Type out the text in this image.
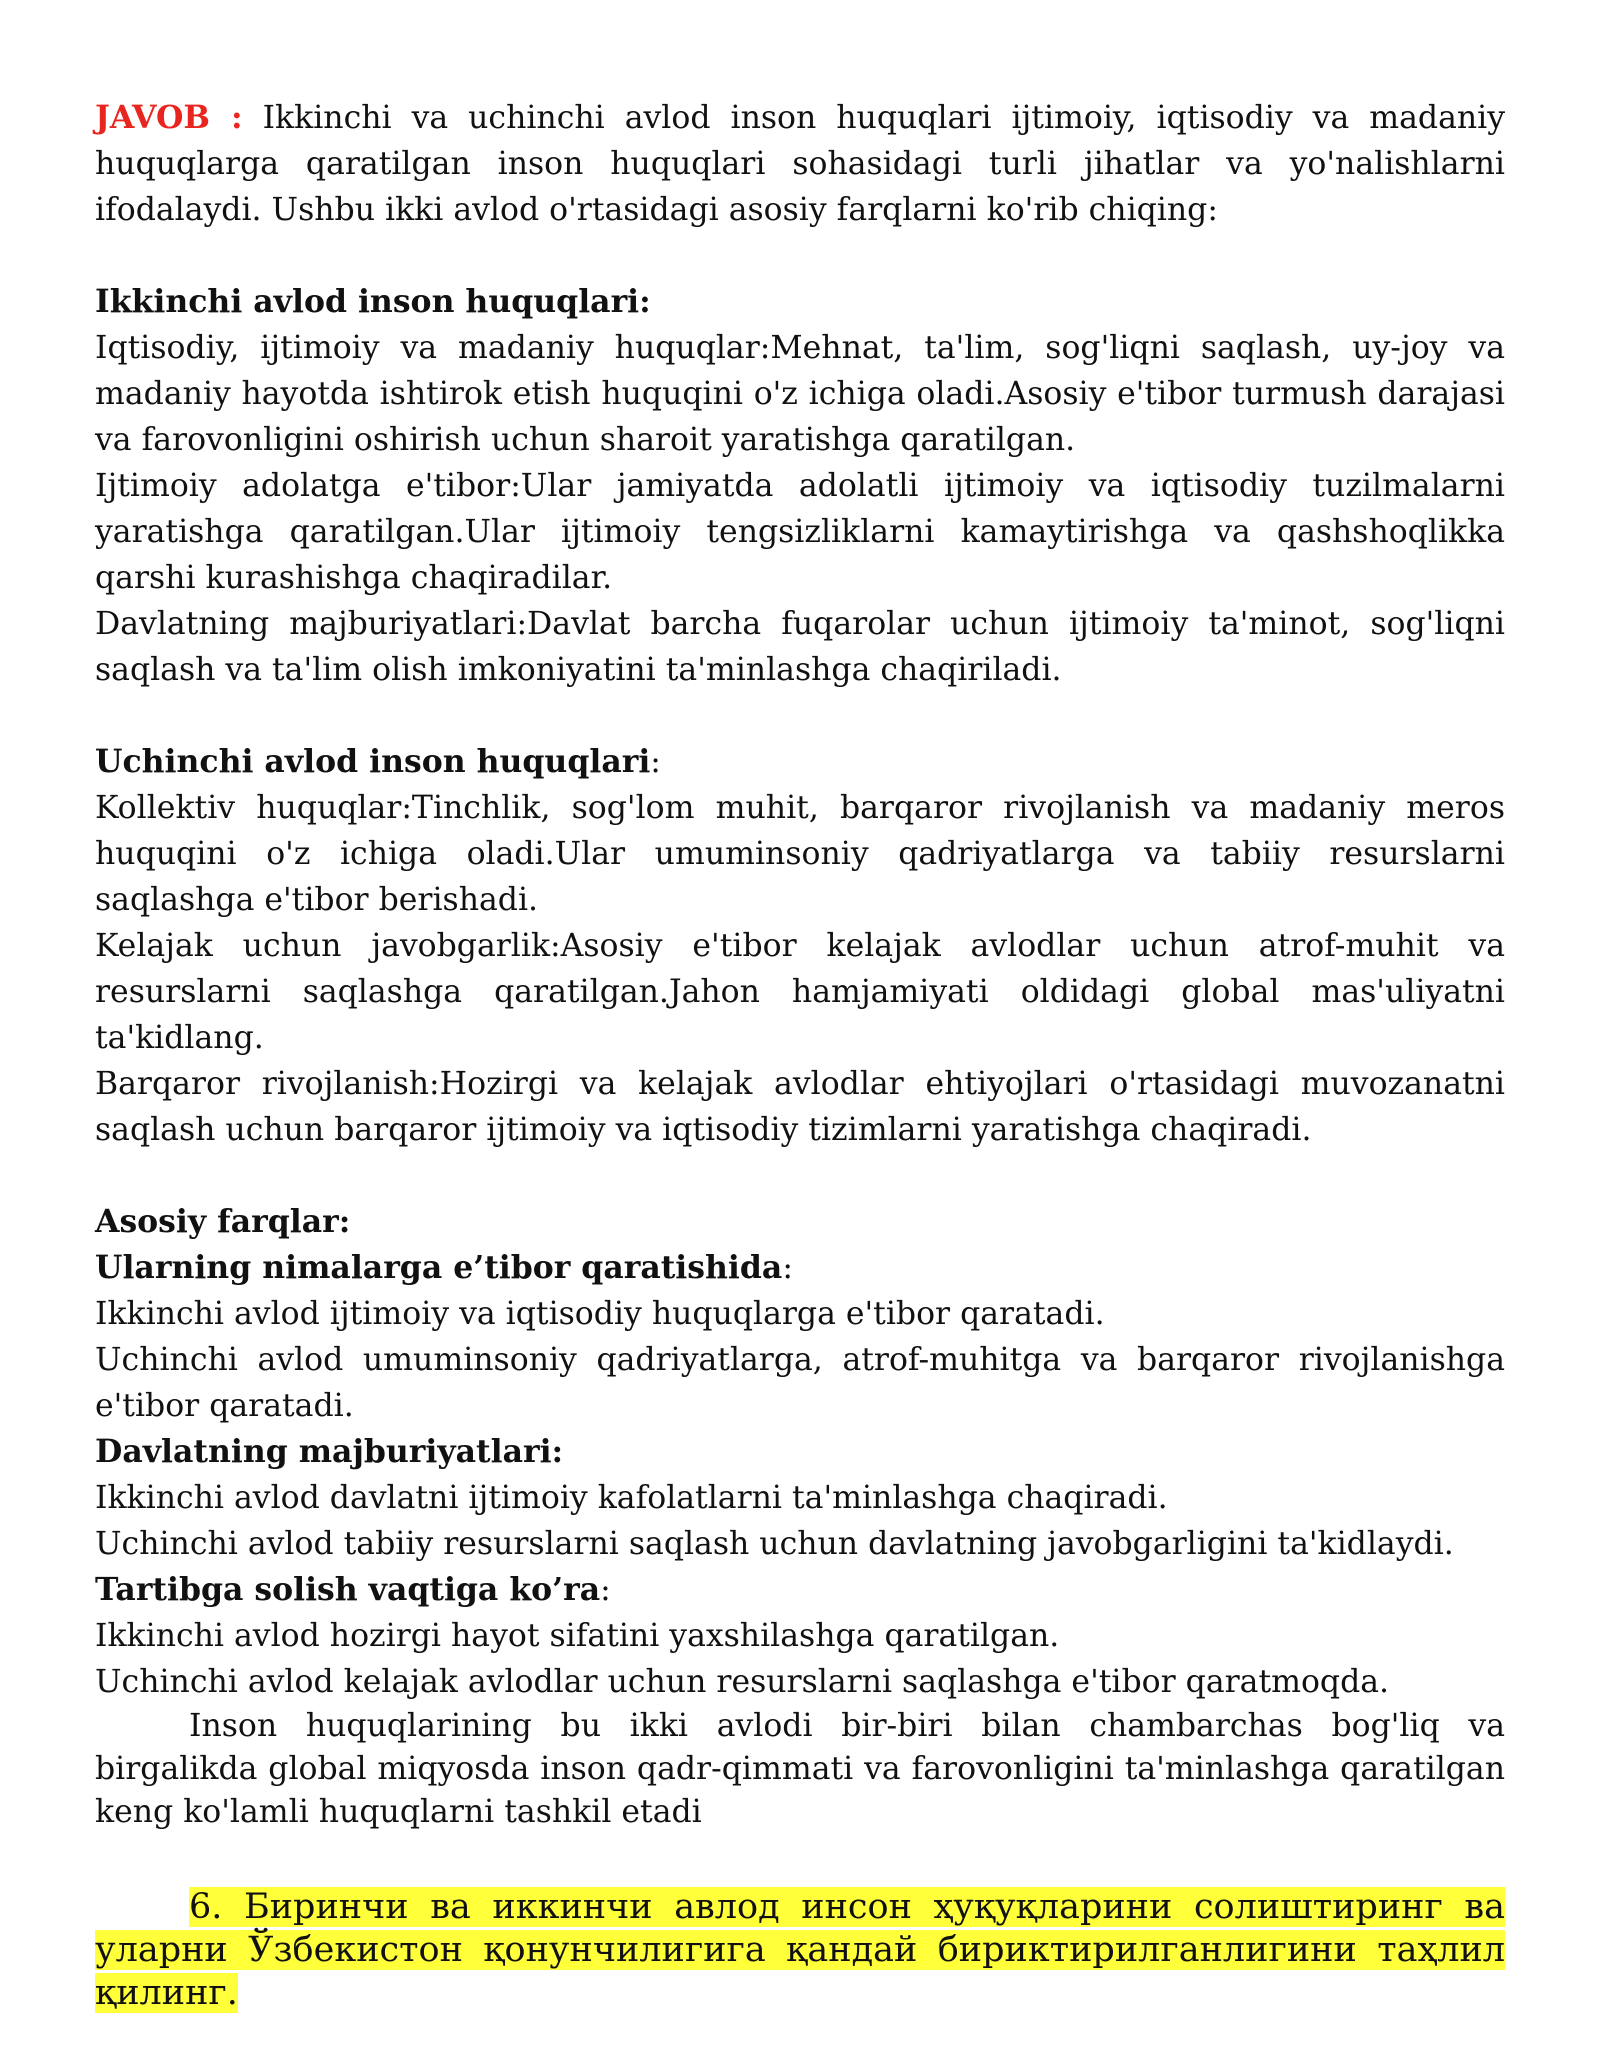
JAVOB : Ikkinchi va uchinchi avlod inson huquqlari ijtimoiy, iqtisodiy va madaniy huquqlarga qaratilgan inson huquqlari sohasidagi turli jihatlar va yo'nalishlarni ifodalaydi. Ushbu ikki avlod o'rtasidagi asosiy farqlarni ko'rib chiqing:

Ikkinchi avlod inson huquqlari:

Iqtisodiy, ijtimoiy va madaniy huquqlar:Mehnat, ta'lim, sog'liqni saqlash, uy-joy va madaniy hayotda ishtirok etish huquqini o'z ichiga oladi.Asosiy e'tibor turmush darajasi va farovonligini oshirish uchun sharoit yaratishga qaratilgan.

Ijtimoiy adolatga e'tibor:Ular jamiyatda adolatli ijtimoiy va iqtisodiy tuzilmalarni yaratishga qaratilgan.Ular ijtimoiy tengsizliklarni kamaytirishga va qashshoqlikka qarshi kurashishga chaqiradilar.

Davlatning majburiyatlari:Davlat barcha fuqarolar uchun ijtimoiy ta'minot, sog'liqni saqlash va ta'lim olish imkoniyatini ta'minlashga chaqiriladi.

Uchinchi avlod inson huquqlari:

Kollektiv huquqlar:Tinchlik, sog'lom muhit, barqaror rivojlanish va madaniy meros huquqini o'z ichiga oladi.Ular umuminsoniy qadriyatlarga va tabiiy resurslarni saqlashga e'tibor berishadi.

Kelajak uchun javobgarlik:Asosiy e'tibor kelajak avlodlar uchun atrof-muhit va resurslarni saqlashga qaratilgan.Jahon hamjamiyati oldidagi global mas'uliyatni ta'kidlang.

Barqaror rivojlanish:Hozirgi va kelajak avlodlar ehtiyojlari o'rtasidagi muvozanatni saqlash uchun barqaror ijtimoiy va iqtisodiy tizimlarni yaratishga chaqiradi.

Asosiy farqlar:

Ularning nimalarga e’tibor qaratishida:

Ikkinchi avlod ijtimoiy va iqtisodiy huquqlarga e'tibor qaratadi.

Uchinchi avlod umuminsoniy qadriyatlarga, atrof-muhitga va barqaror rivojlanishga e'tibor qaratadi.

Davlatning majburiyatlari:

Ikkinchi avlod davlatni ijtimoiy kafolatlarni ta'minlashga chaqiradi.

Uchinchi avlod tabiiy resurslarni saqlash uchun davlatning javobgarligini ta'kidlaydi.

Tartibga solish vaqtiga ko’ra:

Ikkinchi avlod hozirgi hayot sifatini yaxshilashga qaratilgan.

Uchinchi avlod kelajak avlodlar uchun resurslarni saqlashga e'tibor qaratmoqda.

Inson huquqlarining bu ikki avlodi bir-biri bilan chambarchas bog'liq va birgalikda global miqyosda inson qadr-qimmati va farovonligini ta'minlashga qaratilgan keng ko'lamli huquqlarni tashkil etadi

6. Биринчи ва иккинчи авлод инсон ҳуқуқларини солиштиринг ва уларни Ўзбекистон қонунчилигига қандай бириктирилганлигини таҳлил қилинг.
